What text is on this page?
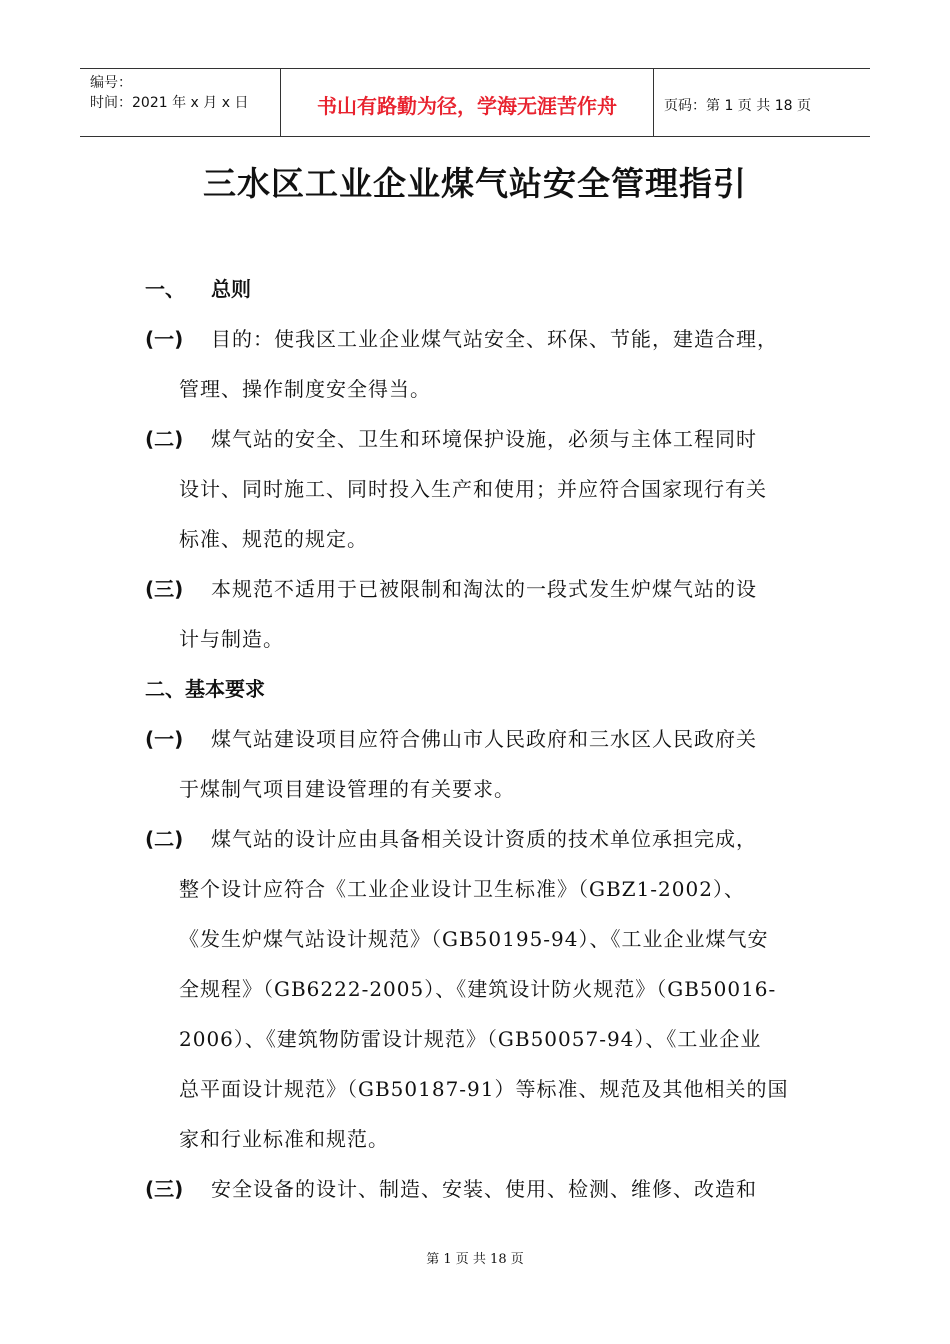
编号：
时间：2021 年 x 月 x 日	书山有路勤为径，学海无涯苦作舟	页码：第 1 页 共 18 页
三水区工业企业煤气站安全管理指引
一、	总则
(一) 目的：使我区工业企业煤气站安全、环保、节能，建造合理，
管理、操作制度安全得当。
(二) 煤气站的安全、卫生和环境保护设施，必须与主体工程同时
设计、同时施工、同时投入生产和使用；并应符合国家现行有关
标准、规范的规定。
(三) 本规范不适用于已被限制和淘汰的一段式发生炉煤气站的设
计与制造。
二、 基本要求
(一) 煤气站建设项目应符合佛山市人民政府和三水区人民政府关
于煤制气项目建设管理的有关要求。
(二) 煤气站的设计应由具备相关设计资质的技术单位承担完成，
整个设计应符合《工业企业设计卫生标准》（GBZ1-2002）、
《发生炉煤气站设计规范》（GB50195-94）、《工业企业煤气安
全规程》（GB6222-2005）、《建筑设计防火规范》（GB50016-
2006）、《建筑物防雷设计规范》（GB50057-94）、《工业企业
总平面设计规范》（GB50187-91）等标准、规范及其他相关的国
家和行业标准和规范。
(三) 安全设备的设计、制造、安装、使用、检测、维修、改造和
第 1 页 共 18 页
